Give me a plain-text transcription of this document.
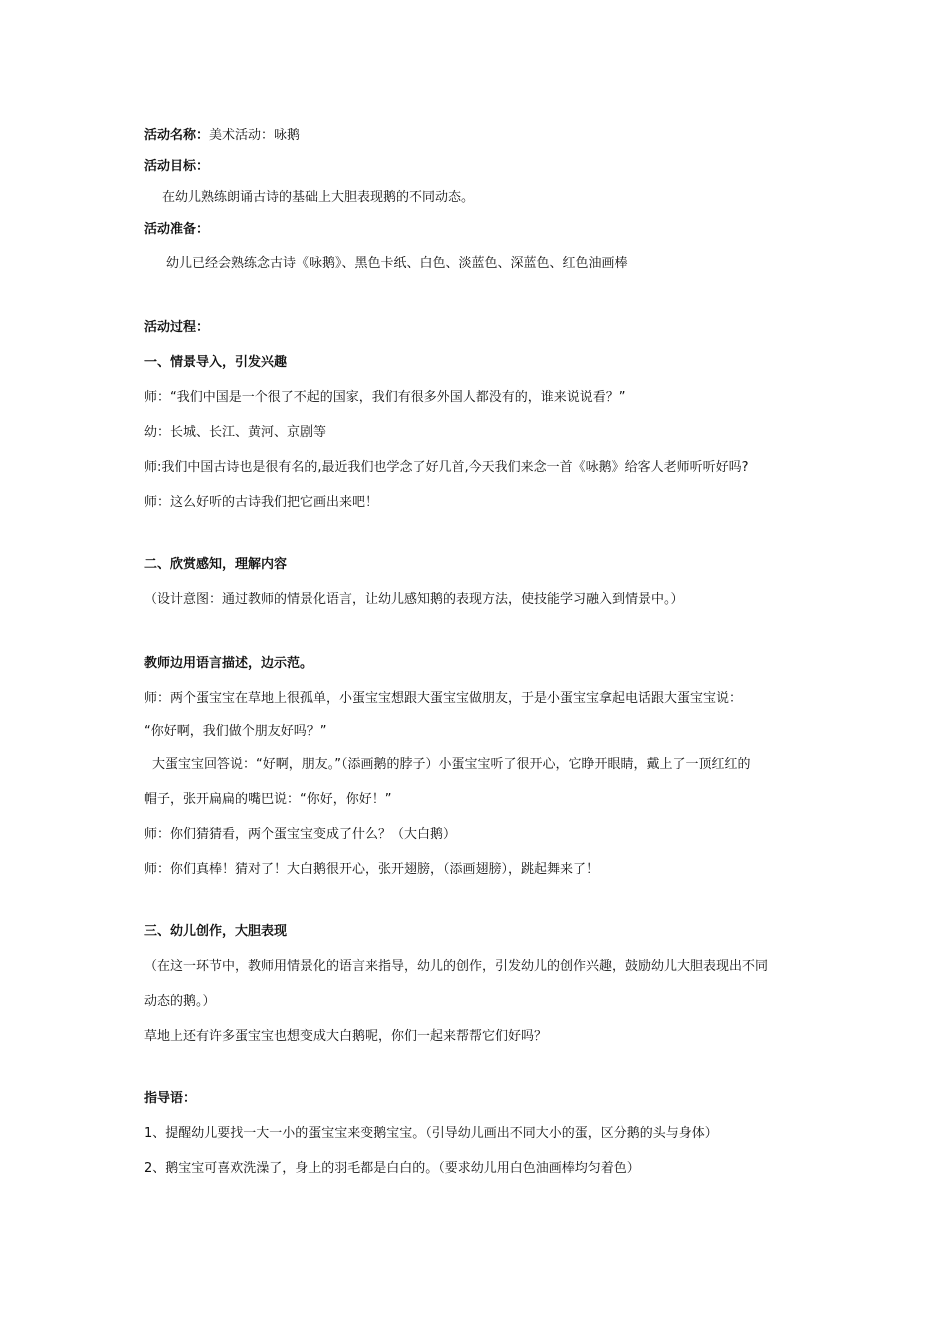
活动名称：美术活动：咏鹅

活动目标：

在幼儿熟练朗诵古诗的基础上大胆表现鹅的不同动态。

活动准备：

幼儿已经会熟练念古诗《咏鹅》、黑色卡纸、白色、淡蓝色、深蓝色、红色油画棒

活动过程：

一、情景导入，引发兴趣

师：“我们中国是一个很了不起的国家，我们有很多外国人都没有的，谁来说说看？”

幼：长城、长江、黄河、京剧等

师:我们中国古诗也是很有名的,最近我们也学念了好几首,今天我们来念一首《咏鹅》给客人老师听听好吗?

师：这么好听的古诗我们把它画出来吧！

二、欣赏感知，理解内容

（设计意图：通过教师的情景化语言，让幼儿感知鹅的表现方法，使技能学习融入到情景中。）

教师边用语言描述，边示范。

师：两个蛋宝宝在草地上很孤单，小蛋宝宝想跟大蛋宝宝做朋友，于是小蛋宝宝拿起电话跟大蛋宝宝说：

“你好啊，我们做个朋友好吗？”

大蛋宝宝回答说：“好啊，朋友。”（添画鹅的脖子）小蛋宝宝听了很开心，它睁开眼睛，戴上了一顶红红的

帽子，张开扁扁的嘴巴说：“你好，你好！”

师：你们猜猜看，两个蛋宝宝变成了什么？（大白鹅）

师：你们真棒！猜对了！大白鹅很开心，张开翅膀，（添画翅膀），跳起舞来了！

三、幼儿创作，大胆表现

（在这一环节中，教师用情景化的语言来指导，幼儿的创作，引发幼儿的创作兴趣，鼓励幼儿大胆表现出不同

动态的鹅。）

草地上还有许多蛋宝宝也想变成大白鹅呢，你们一起来帮帮它们好吗？

指导语：

1、提醒幼儿要找一大一小的蛋宝宝来变鹅宝宝。（引导幼儿画出不同大小的蛋，区分鹅的头与身体）

2、鹅宝宝可喜欢洗澡了，身上的羽毛都是白白的。（要求幼儿用白色油画棒均匀着色）
